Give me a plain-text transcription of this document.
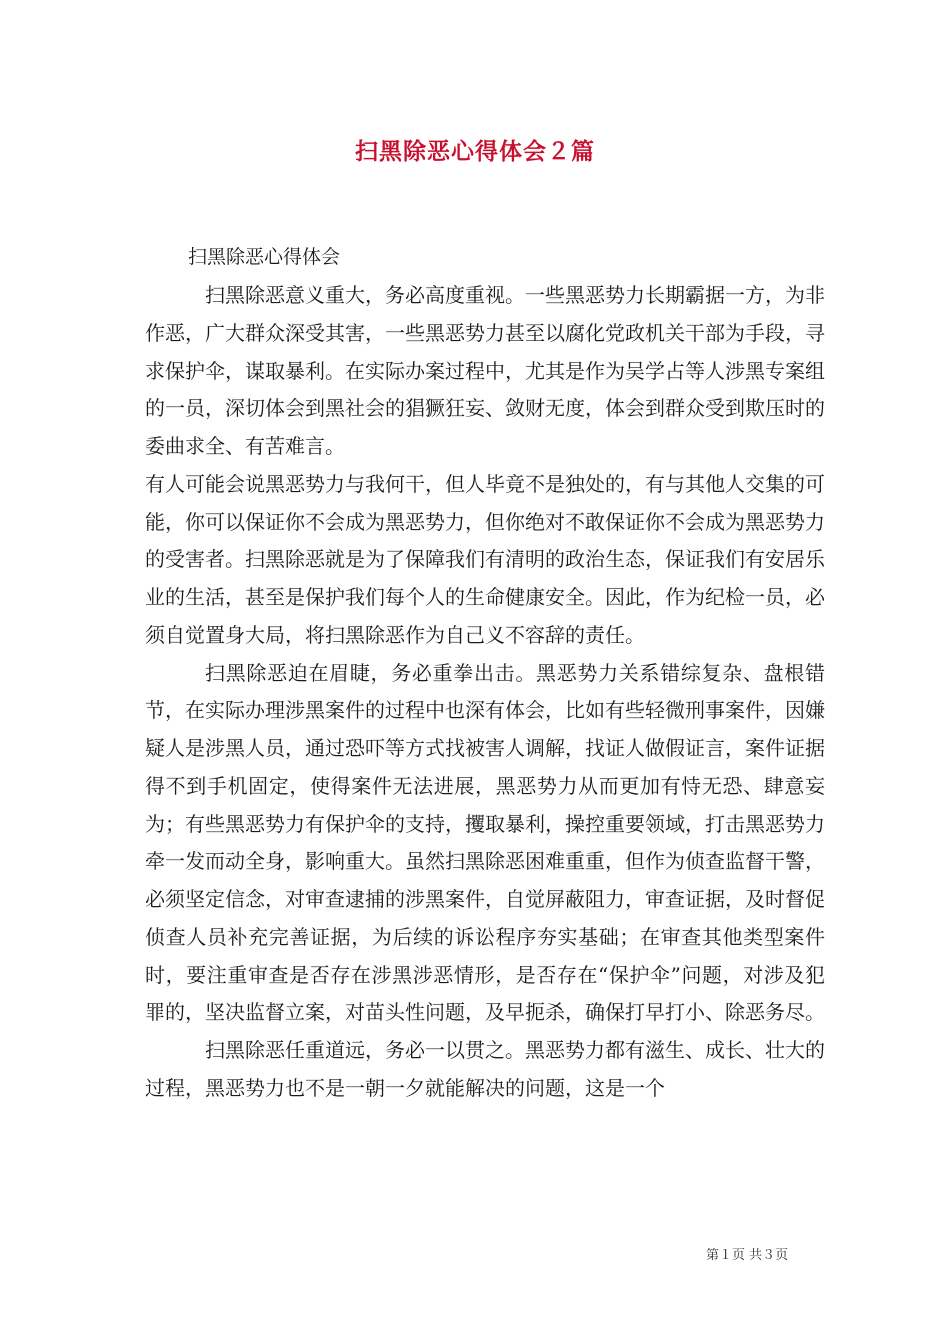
扫黑除恶心得体会２篇

扫黑除恶心得体会

扫黑除恶意义重大，务必高度重视。一些黑恶势力长期霸据一方，为非作恶，广大群众深受其害，一些黑恶势力甚至以腐化党政机关干部为手段，寻求保护伞，谋取暴利。在实际办案过程中，尤其是作为吴学占等人涉黑专案组的一员，深切体会到黑社会的猖獗狂妄、敛财无度，体会到群众受到欺压时的委曲求全、有苦难言。

有人可能会说黑恶势力与我何干，但人毕竟不是独处的，有与其他人交集的可能，你可以保证你不会成为黑恶势力，但你绝对不敢保证你不会成为黑恶势力的受害者。扫黑除恶就是为了保障我们有清明的政治生态，保证我们有安居乐业的生活，甚至是保护我们每个人的生命健康安全。因此，作为纪检一员，必须自觉置身大局，将扫黑除恶作为自己义不容辞的责任。

扫黑除恶迫在眉睫，务必重拳出击。黑恶势力关系错综复杂、盘根错节，在实际办理涉黑案件的过程中也深有体会，比如有些轻微刑事案件，因嫌疑人是涉黑人员，通过恐吓等方式找被害人调解，找证人做假证言，案件证据得不到手机固定，使得案件无法进展，黑恶势力从而更加有恃无恐、肆意妄为；有些黑恶势力有保护伞的支持，攫取暴利，操控重要领域，打击黑恶势力牵一发而动全身，影响重大。虽然扫黑除恶困难重重，但作为侦查监督干警，必须坚定信念，对审查逮捕的涉黑案件，自觉屏蔽阻力，审查证据，及时督促侦查人员补充完善证据，为后续的诉讼程序夯实基础；在审查其他类型案件时，要注重审查是否存在涉黑涉恶情形，是否存在“保护伞”问题，对涉及犯罪的，坚决监督立案，对苗头性问题，及早扼杀，确保打早打小、除恶务尽。

扫黑除恶任重道远，务必一以贯之。黑恶势力都有滋生、成长、壮大的过程，黑恶势力也不是一朝一夕就能解决的问题，这是一个

第１页 共３页
